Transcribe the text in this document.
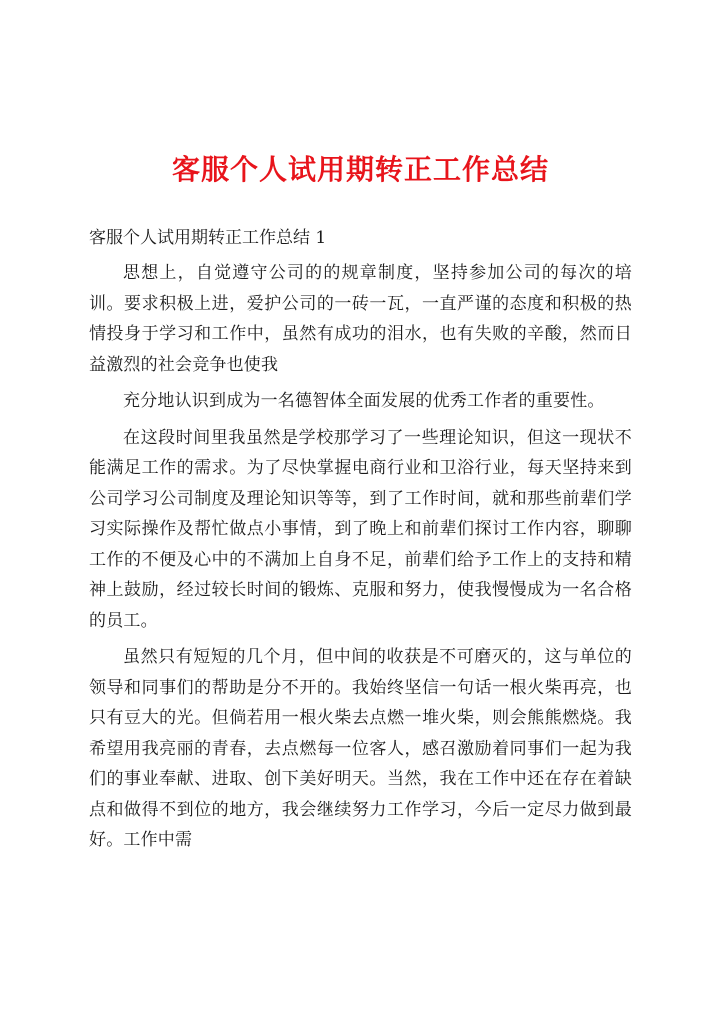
客服个人试用期转正工作总结
客服个人试用期转正工作总结 1

思想上，自觉遵守公司的的规章制度，坚持参加公司的每次的培训。要求积极上进，爱护公司的一砖一瓦，一直严谨的态度和积极的热情投身于学习和工作中，虽然有成功的泪水，也有失败的辛酸，然而日益激烈的社会竞争也使我

充分地认识到成为一名德智体全面发展的优秀工作者的重要性。

在这段时间里我虽然是学校那学习了一些理论知识，但这一现状不能满足工作的需求。为了尽快掌握电商行业和卫浴行业，每天坚持来到公司学习公司制度及理论知识等等，到了工作时间，就和那些前辈们学习实际操作及帮忙做点小事情，到了晚上和前辈们探讨工作内容，聊聊工作的不便及心中的不满加上自身不足，前辈们给予工作上的支持和精神上鼓励，经过较长时间的锻炼、克服和努力，使我慢慢成为一名合格的员工。

虽然只有短短的几个月，但中间的收获是不可磨灭的，这与单位的领导和同事们的帮助是分不开的。我始终坚信一句话一根火柴再亮，也只有豆大的光。但倘若用一根火柴去点燃一堆火柴，则会熊熊燃烧。我希望用我亮丽的青春，去点燃每一位客人，感召激励着同事们一起为我们的事业奉献、进取、创下美好明天。当然，我在工作中还在存在着缺点和做得不到位的地方，我会继续努力工作学习，今后一定尽力做到最好。工作中需
